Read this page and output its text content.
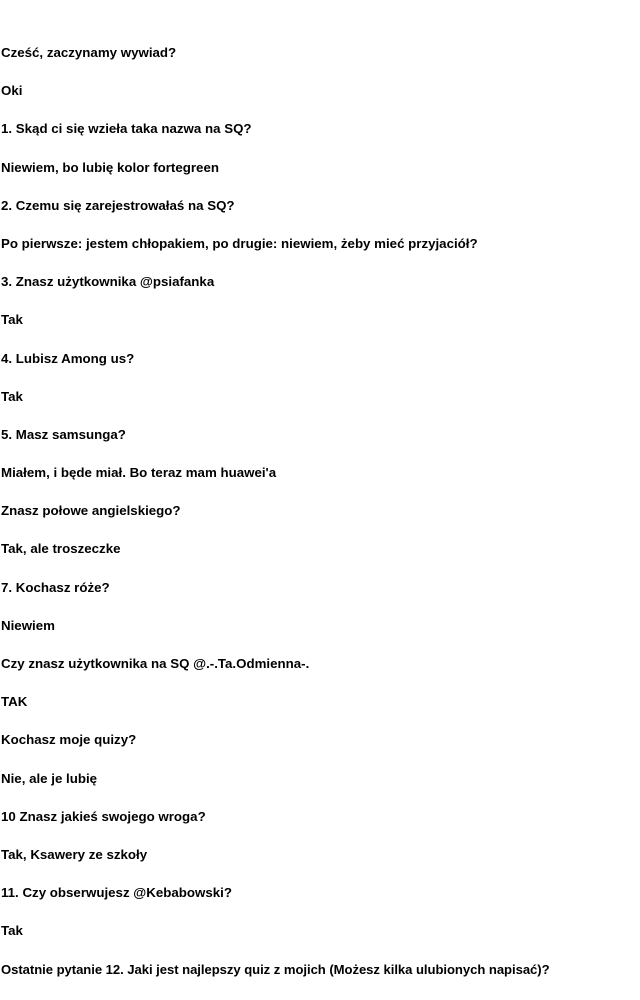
Cześć, zaczynamy wywiad?

Oki

1. Skąd ci się wzieła taka nazwa na SQ?

Niewiem, bo lubię kolor fortegreen

2. Czemu się zarejestrowałaś na SQ?

Po pierwsze: jestem chłopakiem, po drugie: niewiem, żeby mieć przyjaciół?

3. Znasz użytkownika @psiafanka

Tak

4. Lubisz Among us?

Tak

5. Masz samsunga?

Miałem, i będe miał. Bo teraz mam huawei'a

Znasz połowe angielskiego?

Tak, ale troszeczke

7. Kochasz róże?

Niewiem

Czy znasz użytkownika na SQ @.-.Ta.Odmienna-.

TAK

Kochasz moje quizy?

Nie, ale je lubię

10 Znasz jakieś swojego wroga?

Tak, Ksawery ze szkoły

11. Czy obserwujesz @Kebabowski?

Tak

Ostatnie pytanie 12. Jaki jest najlepszy quiz z mojich (Możesz kilka ulubionych napisać)?
